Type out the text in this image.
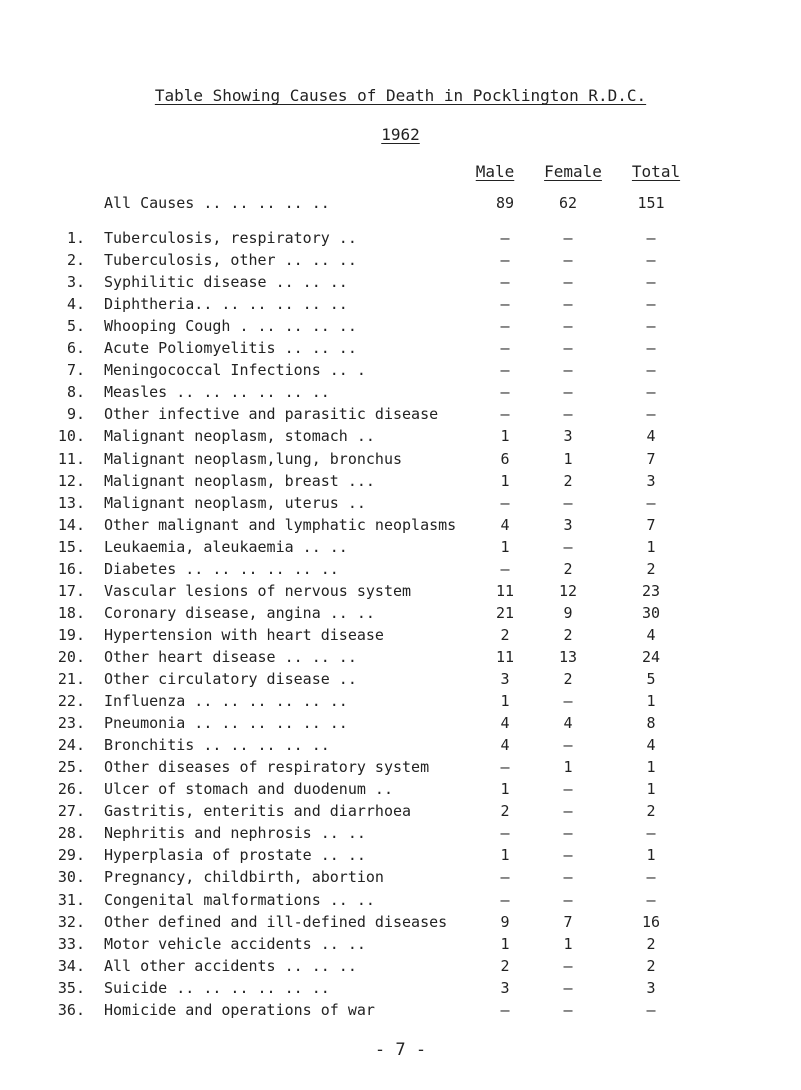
Table Showing Causes of Death in Pocklington R.D.C.
1962
Male Female Total
All Causes .. .. .. .. ..	89	62	151
1. Tuberculosis, respiratory ..	–	–	–
2. Tuberculosis, other .. .. ..	–	–	–
3. Syphilitic disease .. .. ..	–	–	–
4. Diphtheria.. .. .. .. .. ..	–	–	–
5. Whooping Cough . .. .. .. ..	–	–	–
6. Acute Poliomyelitis .. .. ..	–	–	–
7. Meningococcal Infections .. .	–	–	–
8. Measles .. .. .. .. .. ..	–	–	–
9. Other infective and parasitic disease	–	–	–
10. Malignant neoplasm, stomach ..	1	3	4
11. Malignant neoplasm,lung, bronchus	6	1	7
12. Malignant neoplasm, breast ...	1	2	3
13. Malignant neoplasm, uterus ..	–	–	–
14. Other malignant and lymphatic neoplasms	4	3	7
15. Leukaemia, aleukaemia .. ..	1	–	1
16. Diabetes .. .. .. .. .. ..	–	2	2
17. Vascular lesions of nervous system	11	12	23
18. Coronary disease, angina .. ..	21	9	30
19. Hypertension with heart disease	2	2	4
20. Other heart disease .. .. ..	11	13	24
21. Other circulatory disease ..	3	2	5
22. Influenza .. .. .. .. .. ..	1	–	1
23. Pneumonia .. .. .. .. .. ..	4	4	8
24. Bronchitis .. .. .. .. ..	4	–	4
25. Other diseases of respiratory system	–	1	1
26. Ulcer of stomach and duodenum ..	1	–	1
27. Gastritis, enteritis and diarrhoea	2	–	2
28. Nephritis and nephrosis .. ..	–	–	–
29. Hyperplasia of prostate .. ..	1	–	1
30. Pregnancy, childbirth, abortion	–	–	–
31. Congenital malformations .. ..	–	–	–
32. Other defined and ill-defined diseases	9	7	16
33. Motor vehicle accidents .. ..	1	1	2
34. All other accidents .. .. ..	2	–	2
35. Suicide .. .. .. .. .. ..	3	–	3
36. Homicide and operations of war	–	–	–
- 7 -
